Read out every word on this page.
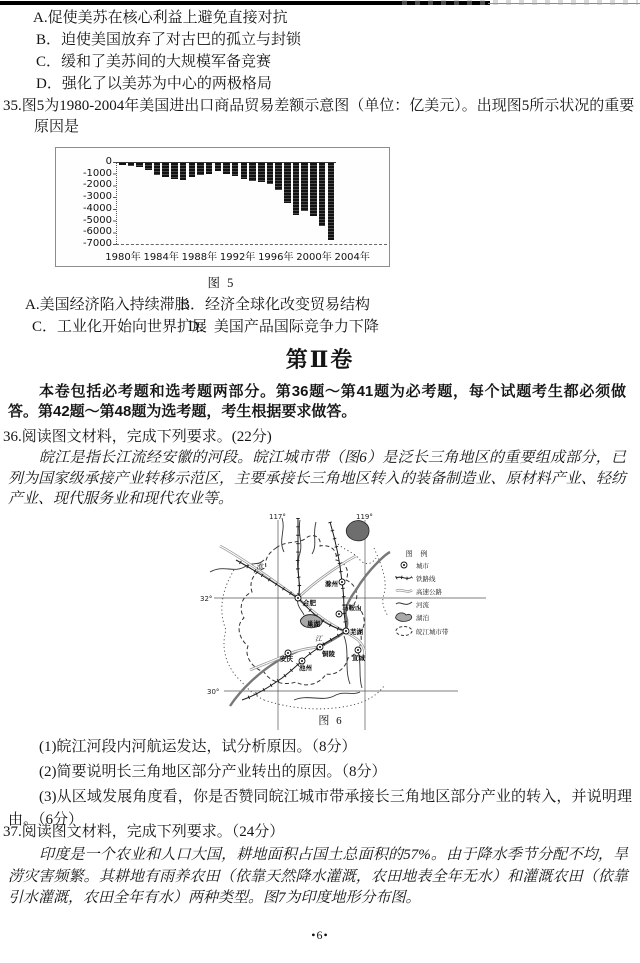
A.促使美苏在核心利益上避免直接对抗
B．迫使美国放弃了对古巴的孤立与封锁
C．缓和了美苏间的大规模军备竞赛
D．强化了以美苏为中心的两极格局
35.图5为1980-2004年美国进出口商品贸易差额示意图（单位：亿美元）。出现图5所示状况的重要原因是
0
-1000
-2000
-3000
-4000
-5000
-6000
-7000
1980年 1984年 1988年 1992年 1996年 2000年 2004年
图 5
A.美国经济陷入持续滞胀
B．经济全球化改变贸易结构
C．工业化开始向世界扩展
D．美国产品国际竞争力下降
第Ⅱ卷
本卷包括必考题和选考题两部分。第36题～第41题为必考题，每个试题考生都必须做答。第42题～第48题为选考题，考生根据要求做答。
36.阅读图文材料，完成下列要求。(22分)
皖江是指长江流经安徽的河段。皖江城市带（图6）是泛长三角地区的重要组成部分，已列为国家级承接产业转移示范区，主要承接长三角地区转入的装备制造业、原材料产业、轻纺产业、现代服务业和现代农业等。
117°	119°
32°
30°
滁州
合肥
马鞍山
巢湖
芜湖
宣城
铜陵
池州
安庆
淮
江
图 例
城市
铁路线
高速公路
河流
湖泊
皖江城市带
图 6
(1)皖江河段内河航运发达，试分析原因。（8分）
(2)简要说明长三角地区部分产业转出的原因。（8分）
(3)从区域发展角度看，你是否赞同皖江城市带承接长三角地区部分产业的转入，并说明理由。（6分）
37.阅读图文材料，完成下列要求。（24分）
印度是一个农业和人口大国，耕地面积占国土总面积的57%。由于降水季节分配不均，旱涝灾害频繁。其耕地有雨养农田（依靠天然降水灌溉，农田地表全年无水）和灌溉农田（依靠引水灌溉，农田全年有水）两种类型。图7为印度地形分布图。
•6•
